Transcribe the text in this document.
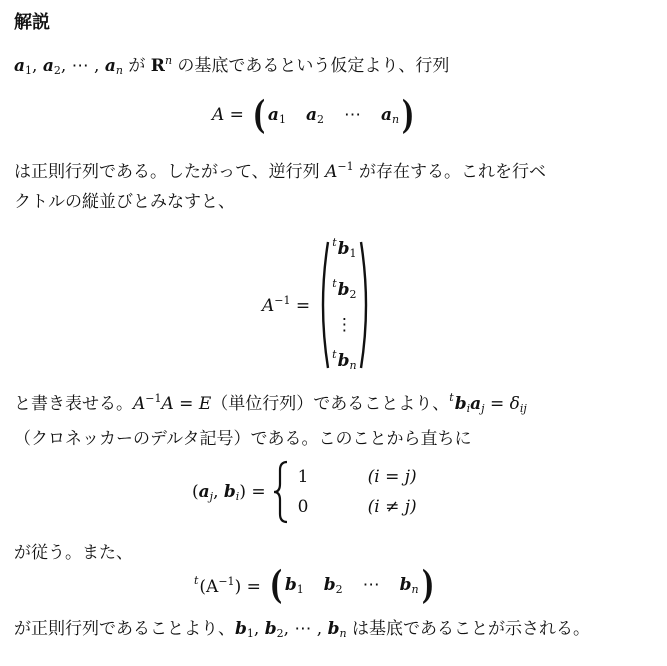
解説
$a_1$, $a_2$, ⋯ , $a_n$ が $R^n$ の基底であるという仮定より、行列
A = ( $a_1$ $a_2$ ⋯ $a_n$ )
は正則行列である。したがって、逆行列 $A^{-1}$ が存在する。これを行ベ
クトルの縦並びとみなすと、
$A^{-1}$ =
$^tb_1$
$^tb_2$
⋮
$^tb_n$
と書き表せる。$A^{-1}A = E$（単位行列）であることより、$^tb_ia_j = \delta_{ij}$
（クロネッカーのデルタ記号）である。このことから直ちに
($a_j$, $b_i$) =
1	(i = j)
0	(i ≠ j)
が従う。また、
$^t(A^{-1})$ = ( $b_1$ $b_2$ ⋯ $b_n$ )
が正則行列であることより、$b_1$, $b_2$, ⋯ , $b_n$ は基底であることが示される。
